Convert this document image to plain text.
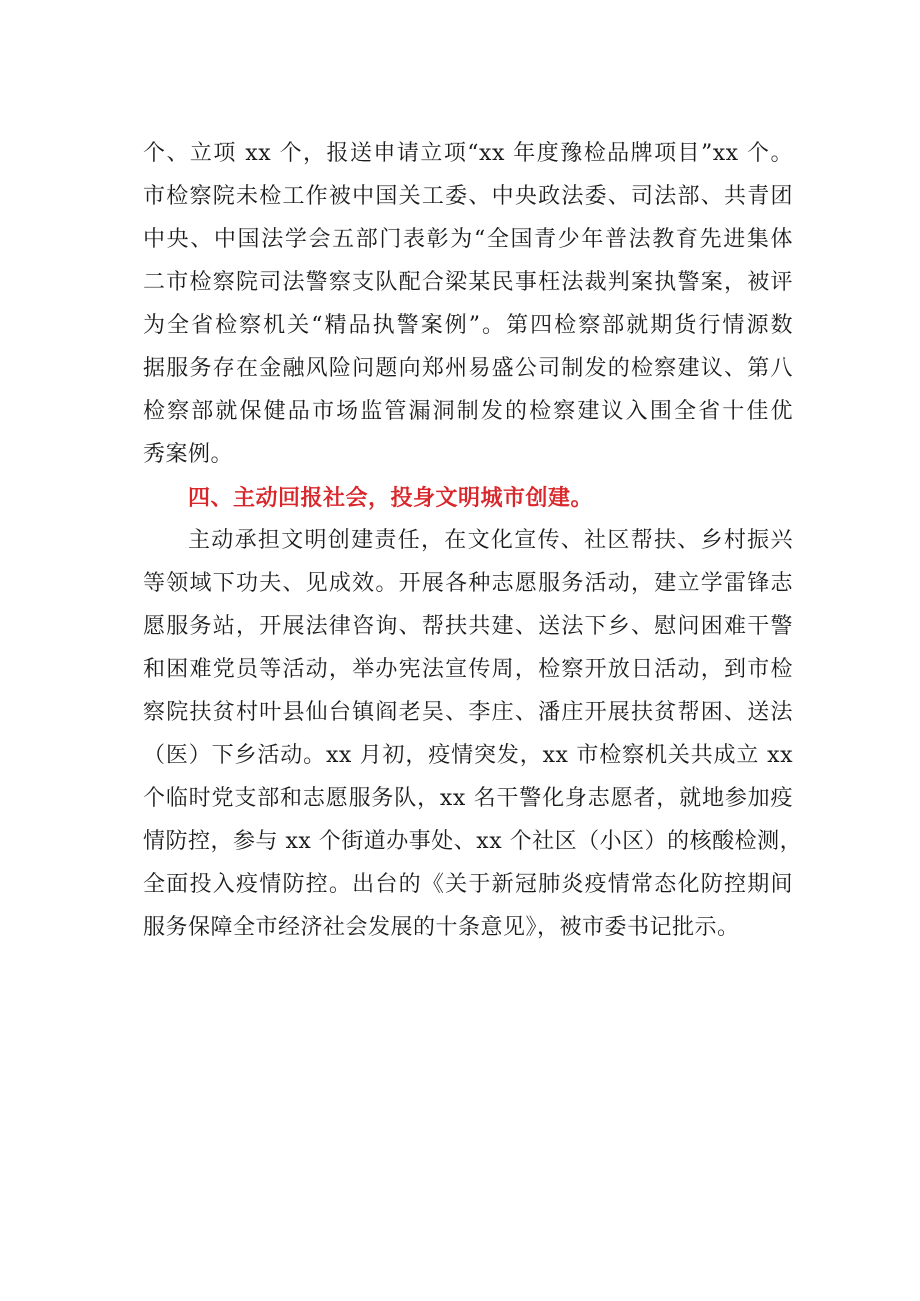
个、立项 xx 个，报送申请立项“xx 年度豫检品牌项目”xx 个。
市检察院未检工作被中国关工委、中央政法委、司法部、共青团
中央、中国法学会五部门表彰为“全国青少年普法教育先进集体
二市检察院司法警察支队配合梁某民事枉法裁判案执警案，被评
为全省检察机关“精品执警案例”。第四检察部就期货行情源数
据服务存在金融风险问题向郑州易盛公司制发的检察建议、第八
检察部就保健品市场监管漏洞制发的检察建议入围全省十佳优
秀案例。
四、主动回报社会，投身文明城市创建。
主动承担文明创建责任，在文化宣传、社区帮扶、乡村振兴
等领域下功夫、见成效。开展各种志愿服务活动，建立学雷锋志
愿服务站，开展法律咨询、帮扶共建、送法下乡、慰问困难干警
和困难党员等活动，举办宪法宣传周，检察开放日活动，到市检
察院扶贫村叶县仙台镇阎老吴、李庄、潘庄开展扶贫帮困、送法
（医）下乡活动。xx 月初，疫情突发，xx 市检察机关共成立 xx
个临时党支部和志愿服务队，xx 名干警化身志愿者，就地参加疫
情防控，参与 xx 个街道办事处、xx 个社区（小区）的核酸检测，
全面投入疫情防控。出台的《关于新冠肺炎疫情常态化防控期间
服务保障全市经济社会发展的十条意见》，被市委书记批示。
